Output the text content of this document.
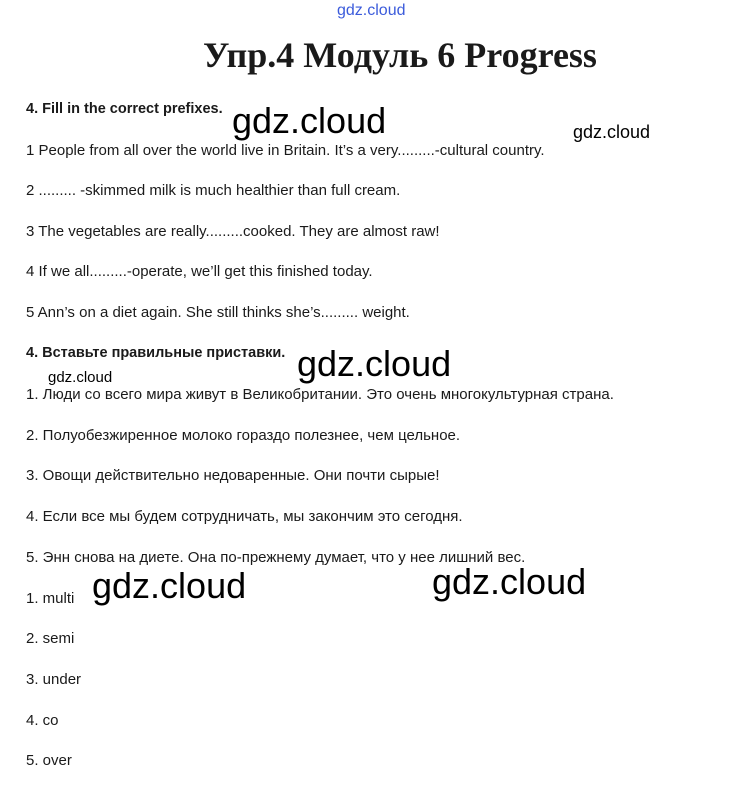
gdz.cloud
gdz.cloud	gdz.cloud
gdz.cloud
gdz.cloud
gdz.cloud	gdz.cloud
Упр.4 Модуль 6 Progress
4. Fill in the correct prefixes.
1 People from all over the world live in Britain. It’s a very.........-cultural country.
2 ......... -skimmed milk is much healthier than full cream.
3 The vegetables are really.........cooked. They are almost raw!
4 If we all.........-operate, we’ll get this finished today.
5 Ann’s on a diet again. She still thinks she’s......... weight.
4. Вставьте правильные приставки.
1. Люди со всего мира живут в Великобритании. Это очень многокультурная страна.
2. Полуобезжиренное молоко гораздо полезнее, чем цельное.
3. Овощи действительно недоваренные. Они почти сырые!
4. Если все мы будем сотрудничать, мы закончим это сегодня.
5. Энн снова на диете. Она по-прежнему думает, что у нее лишний вес.
1. multi
2. semi
3. under
4. co
5. over
